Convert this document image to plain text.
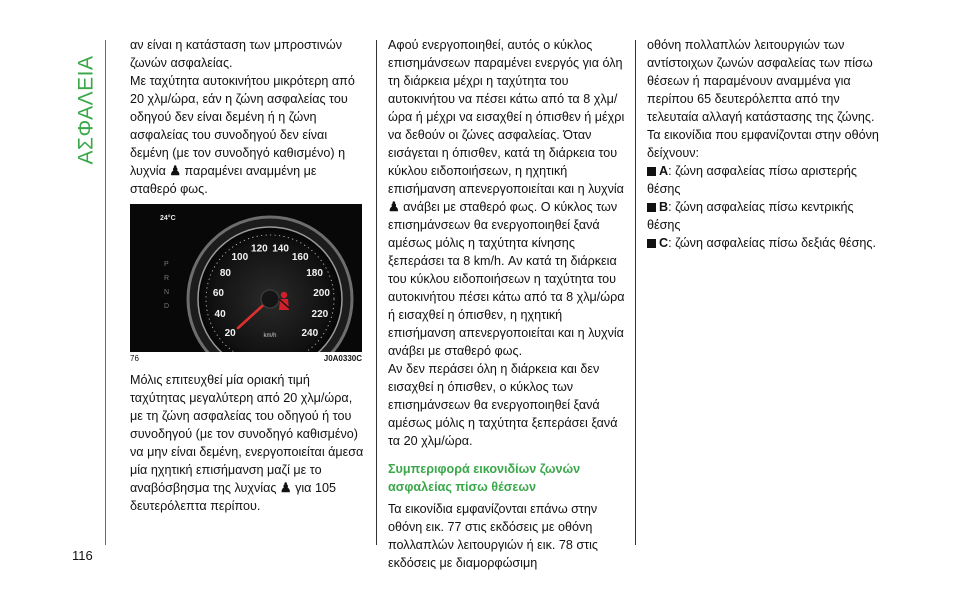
ΑΣΦΑΛΕΙΑ

αν είναι η κατάσταση των μπροστινών ζωνών ασφαλείας.

Με ταχύτητα αυτοκινήτου μικρότερη από 20 χλμ/ώρα, εάν η ζώνη ασφαλείας του οδηγού δεν είναι δεμένη ή η ζώνη ασφαλείας του συνοδηγού δεν είναι δεμένη (με τον συνοδηγό καθισμένο) η λυχνία ♟ παραμένει αναμμένη με σταθερό φως.

20
40
60
80
100
120 140
160
180
200
220
240
24°C
P
R
N
D
km/h
76	J0A0330C

Μόλις επιτευχθεί μία οριακή τιμή ταχύτητας μεγαλύτερη από 20 χλμ/ώρα, με τη ζώνη ασφαλείας του οδηγού ή του συνοδηγού (με τον συνοδηγό καθισμένο) να μην είναι δεμένη, ενεργοποιείται άμεσα μία ηχητική επισήμανση μαζί με το αναβόσβησμα της λυχνίας ♟ για 105 δευτερόλεπτα περίπου.

Αφού ενεργοποιηθεί, αυτός ο κύκλος επισημάνσεων παραμένει ενεργός για όλη τη διάρκεια μέχρι η ταχύτητα του αυτοκινήτου να πέσει κάτω από τα 8 χλμ/ώρα ή μέχρι να εισαχθεί η όπισθεν ή μέχρι να δεθούν οι ζώνες ασφαλείας. Όταν εισάγεται η όπισθεν, κατά τη διάρκεια του κύκλου ειδοποιήσεων, η ηχητική επισήμανση απενεργοποιείται και η λυχνία ♟ ανάβει με σταθερό φως. Ο κύκλος των επισημάνσεων θα ενεργοποιηθεί ξανά αμέσως μόλις η ταχύτητα κίνησης ξεπεράσει τα 8 km/h. Αν κατά τη διάρκεια του κύκλου ειδοποιήσεων η ταχύτητα του αυτοκινήτου πέσει κάτω από τα 8 χλμ/ώρα ή εισαχθεί η όπισθεν, η ηχητική επισήμανση απενεργοποιείται και η λυχνία ανάβει με σταθερό φως.

Αν δεν περάσει όλη η διάρκεια και δεν εισαχθεί η όπισθεν, ο κύκλος των επισημάνσεων θα ενεργοποιηθεί ξανά αμέσως μόλις η ταχύτητα ξεπεράσει ξανά τα 20 χλμ/ώρα.

Συμπεριφορά εικονιδίων ζωνών ασφαλείας πίσω θέσεων

Τα εικονίδια εμφανίζονται επάνω στην οθόνη εικ. 77 στις εκδόσεις με οθόνη πολλαπλών λειτουργιών ή εικ. 78 στις εκδόσεις με διαμορφώσιμη

οθόνη πολλαπλών λειτουργιών των αντίστοιχων ζωνών ασφαλείας των πίσω θέσεων ή παραμένουν αναμμένα για περίπου 65 δευτερόλεπτα από την τελευταία αλλαγή κατάστασης της ζώνης.

Τα εικονίδια που εμφανίζονται στην οθόνη δείχνουν:

A: ζώνη ασφαλείας πίσω αριστερής θέσης
B: ζώνη ασφαλείας πίσω κεντρικής θέσης
C: ζώνη ασφαλείας πίσω δεξιάς θέσης.
116
